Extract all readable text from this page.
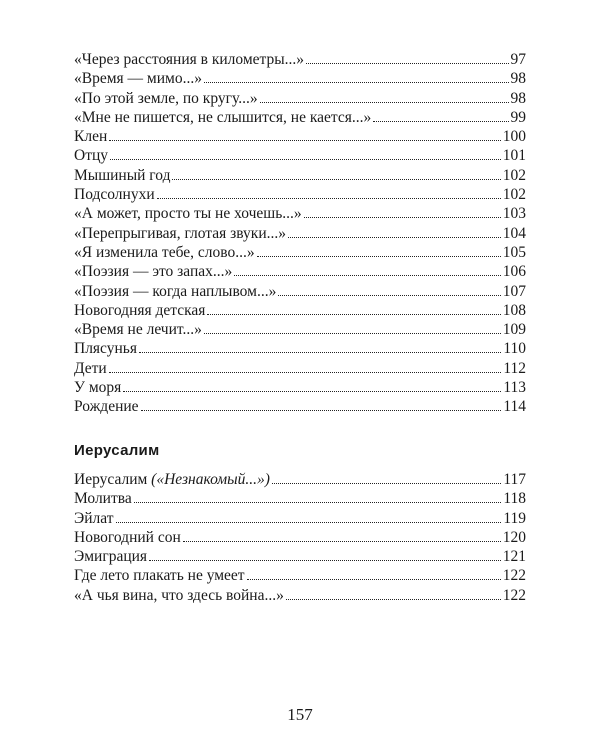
«Через расстояния в километры...»	97
«Время — мимо...»	98
«По этой земле, по кругу...»	98
«Мне не пишется, не слышится, не кается...»	99
Клен	100
Отцу	101
Мышиный год	102
Подсолнухи	102
«А может, просто ты не хочешь...»	103
«Перепрыгивая, глотая звуки...»	104
«Я изменила тебе, слово...»	105
«Поэзия — это запах...»	106
«Поэзия — когда наплывом...»	107
Новогодняя детская	108
«Время не лечит...»	109
Плясунья	110
Дети	112
У моря	113
Рождение	114
Иерусалим
Иерусалим («Незнакомый...»)	117
Молитва	118
Эйлат	119
Новогодний сон	120
Эмиграция	121
Где лето плакать не умеет	122
«А чья вина, что здесь война...»	122
157
